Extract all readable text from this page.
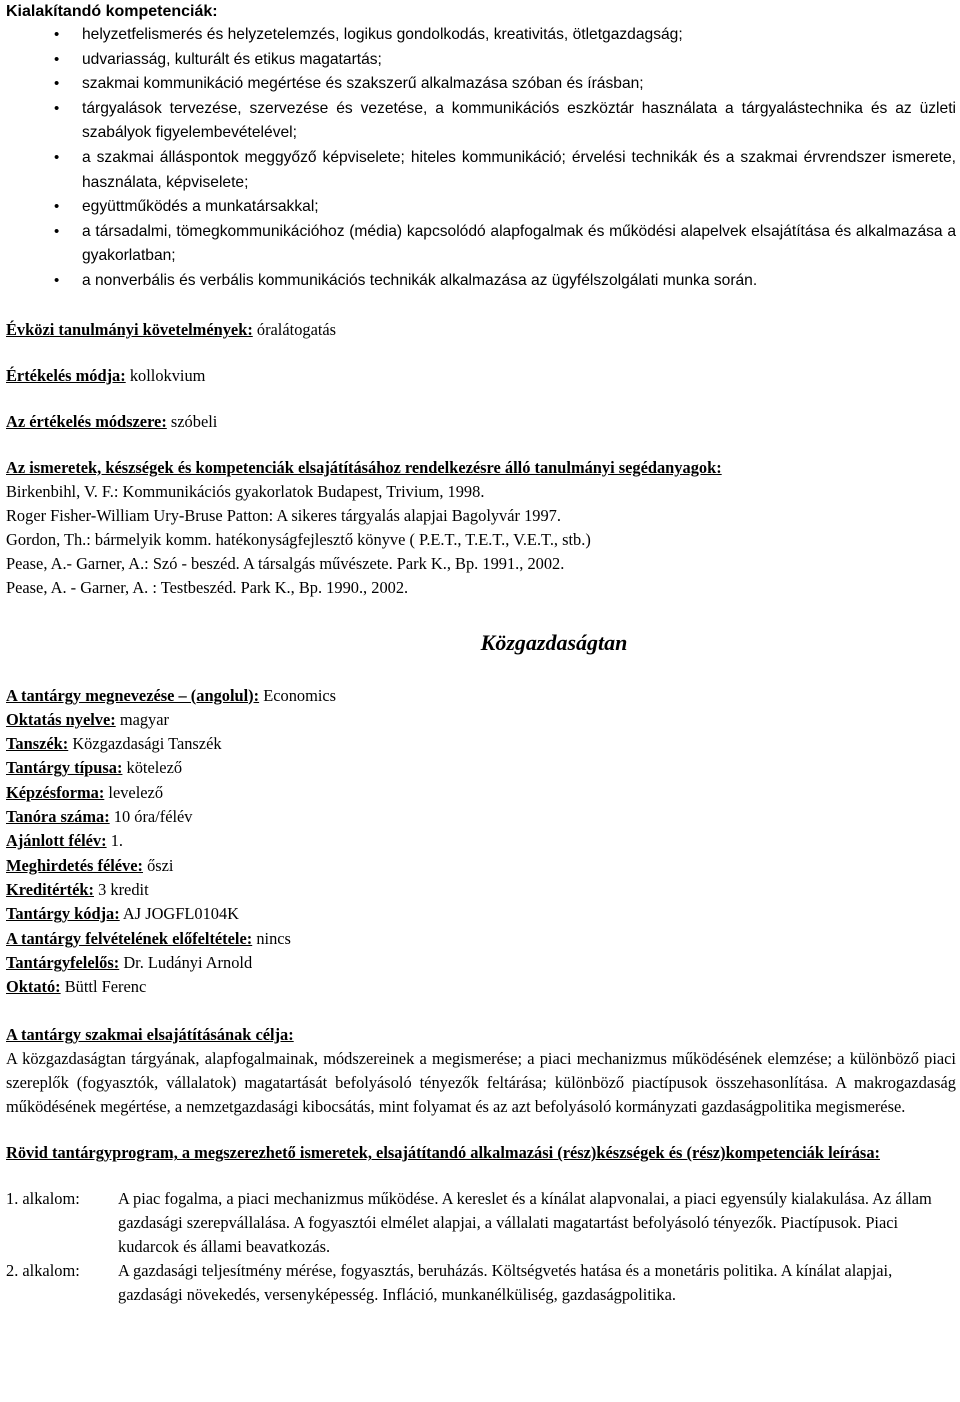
Kialakítandó kompetenciák:

• helyzetfelismerés és helyzetelemzés, logikus gondolkodás, kreativitás, ötletgazdagság;
• udvariasság, kulturált és etikus magatartás;
• szakmai kommunikáció megértése és szakszerű alkalmazása szóban és írásban;
• tárgyalások tervezése, szervezése és vezetése, a kommunikációs eszköztár használata a tárgyalástechnika és az üzleti szabályok figyelembevételével;
• a szakmai álláspontok meggyőző képviselete; hiteles kommunikáció; érvelési technikák és a szakmai érvrendszer ismerete, használata, képviselete;
• együttműködés a munkatársakkal;
• a társadalmi, tömegkommunikációhoz (média) kapcsolódó alapfogalmak és működési alapelvek elsajátítása és alkalmazása a gyakorlatban;
• a nonverbális és verbális kommunikációs technikák alkalmazása az ügyfélszolgálati munka során.

Évközi tanulmányi követelmények: óralátogatás

Értékelés módja: kollokvium

Az értékelés módszere: szóbeli

Az ismeretek, készségek és kompetenciák elsajátításához rendelkezésre álló tanulmányi segédanyagok:

Birkenbihl, V. F.: Kommunikációs gyakorlatok Budapest, Trivium, 1998.

Roger Fisher-William Ury-Bruse Patton: A sikeres tárgyalás alapjai Bagolyvár 1997.

Gordon, Th.: bármelyik komm. hatékonyságfejlesztő könyve ( P.E.T., T.E.T., V.E.T., stb.)

Pease, A.- Garner, A.: Szó - beszéd. A társalgás művészete. Park K., Bp. 1991., 2002.

Pease, A. - Garner, A. : Testbeszéd. Park K., Bp. 1990., 2002.

Közgazdaságtan

A tantárgy megnevezése – (angolul): Economics

Oktatás nyelve: magyar

Tanszék: Közgazdasági Tanszék

Tantárgy típusa: kötelező

Képzésforma: levelező

Tanóra száma: 10 óra/félév

Ajánlott félév: 1.

Meghirdetés féléve: őszi

Kreditérték: 3 kredit

Tantárgy kódja: AJ JOGFL0104K

A tantárgy felvételének előfeltétele: nincs

Tantárgyfelelős: Dr. Ludányi Arnold

Oktató: Büttl Ferenc

A tantárgy szakmai elsajátításának célja:

A közgazdaságtan tárgyának, alapfogalmainak, módszereinek a megismerése; a piaci mechanizmus működésének elemzése; a különböző piaci szereplők (fogyasztók, vállalatok) magatartását befolyásoló tényezők feltárása; különböző piactípusok összehasonlítása. A makrogazdaság működésének megértése, a nemzetgazdasági kibocsátás, mint folyamat és az azt befolyásoló kormányzati gazdaságpolitika megismerése.

Rövid tantárgyprogram, a megszerezhető ismeretek, elsajátítandó alkalmazási (rész)készségek és (rész)kompetenciák leírása:

1. alkalom:	A piac fogalma, a piaci mechanizmus működése. A kereslet és a kínálat alapvonalai, a piaci egyensúly kialakulása. Az állam gazdasági szerepvállalása. A fogyasztói elmélet alapjai, a vállalati magatartást befolyásoló tényezők. Piactípusok. Piaci kudarcok és állami beavatkozás.
2. alkalom:	A gazdasági teljesítmény mérése, fogyasztás, beruházás. Költségvetés hatása és a monetáris politika. A kínálat alapjai, gazdasági növekedés, versenyképesség. Infláció, munkanélküliség, gazdaságpolitika.
